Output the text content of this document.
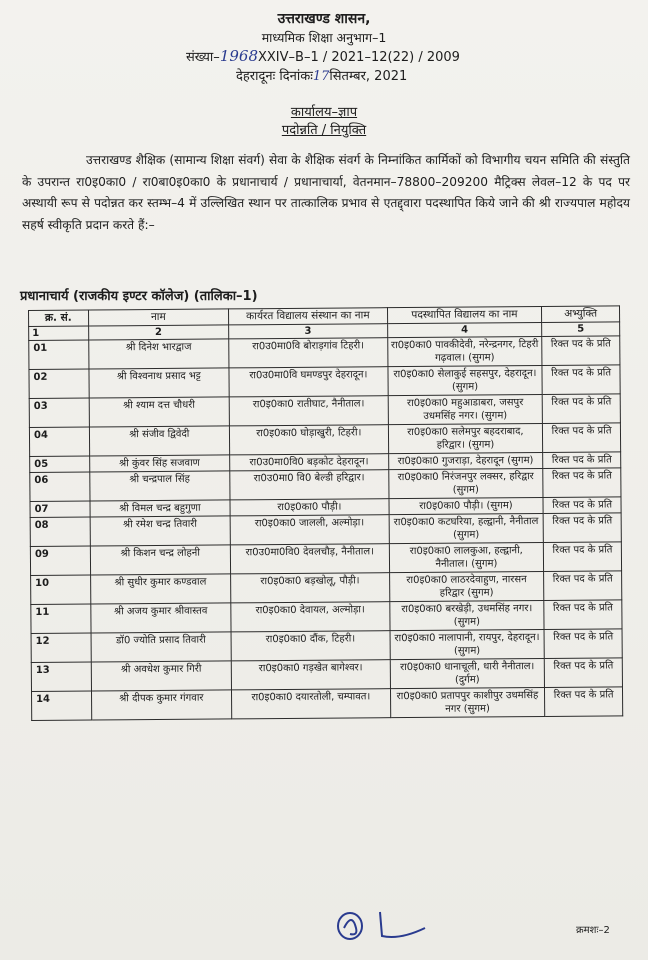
उत्तराखण्ड शासन,
माध्यमिक शिक्षा अनुभाग–1
संख्या–1968XXIV–B–1 / 2021–12(22) / 2009
देहरादूनः दिनांकः17सितम्बर, 2021
कार्यालय–ज्ञाप
पदोन्नति / नियुक्ति
उत्तराखण्ड शैक्षिक (सामान्य शिक्षा संवर्ग) सेवा के शैक्षिक संवर्ग के निम्नांकित कार्मिकों को विभागीय चयन समिति की संस्तुति के उपरान्त रा0इ0का0 / रा0बा0इ0का0 के प्रधानाचार्य / प्रधानाचार्या, वेतनमान–78800–209200 मैट्रिक्स लेवल–12 के पद पर अस्थायी रूप से पदोन्नत कर स्तम्भ–4 में उल्लिखित स्थान पर तात्कालिक प्रभाव से एतद्द्वारा पदस्थापित किये जाने की श्री राज्यपाल महोदय सहर्ष स्वीकृति प्रदान करते हैं:–
प्रधानाचार्य (राजकीय इण्टर कॉलेज) (तालिका–1)
क्र. सं.	नाम	कार्यरत विद्यालय संस्थान का नाम	पदस्थापित विद्यालय का नाम	अभ्युक्ति
1	2	3	4	5
01	श्री दिनेश भारद्वाज	रा0उ0मा0वि बोराड़गांव टिहरी।	रा0इ0का0 पावकीदेवी, नरेन्द्रनगर, टिहरी गढ़वाल। (सुगम)	रिक्त पद के प्रति
02	श्री विश्वनाथ प्रसाद भट्ट	रा0उ0मा0वि घमण्डपुर देहरादून।	रा0इ0का0 सेलाकुई सहसपुर, देहरादून। (सुगम)	रिक्त पद के प्रति
03	श्री श्याम दत्त चौधरी	रा0इ0का0 रातीघाट, नैनीताल।	रा0इ0का0 महुआडाबरा, जसपुर उधमसिंह नगर। (सुगम)	रिक्त पद के प्रति
04	श्री संजीव द्विवेदी	रा0इ0का0 घोड़ाखुरी, टिहरी।	रा0इ0का0 सलेमपुर बहदराबाद, हरिद्वार। (सुगम)	रिक्त पद के प्रति
05	श्री कुंवर सिंह सजवाण	रा0उ0मा0वि0 बड़कोट देहरादून।	रा0इ0का0 गुजराड़ा, देहरादून (सुगम)	रिक्त पद के प्रति
06	श्री चन्द्रपाल सिंह	रा0उ0मा0 वि0 बेल्डी हरिद्वार।	रा0इ0का0 निरंजनपुर लक्सर, हरिद्वार (सुगम)	रिक्त पद के प्रति
07	श्री विमल चन्द्र बहुगुणा	रा0इ0का0 पौड़ी।	रा0इ0का0 पौड़ी। (सुगम)	रिक्त पद के प्रति
08	श्री रमेश चन्द्र तिवारी	रा0इ0का0 जालली, अल्मोड़ा।	रा0इ0का0 कटघरिया, हल्द्वानी, नैनीताल (सुगम)	रिक्त पद के प्रति
09	श्री किशन चन्द्र लोहनी	रा0उ0मा0वि0 देवलचौड़, नैनीताल।	रा0इ0का0 लालकुआ, हल्द्वानी, नैनीताल। (सुगम)	रिक्त पद के प्रति
10	श्री सुधीर कुमार कण्डवाल	रा0इ0का0 बड़खोलू, पौड़ी।	रा0इ0का0 लाठरदेवाहुण, नारसन हरिद्वार (सुगम)	रिक्त पद के प्रति
11	श्री अजय कुमार श्रीवास्तव	रा0इ0का0 देवायल, अल्मोड़ा।	रा0इ0का0 बरखेड़ी, उधमसिंह नगर। (सुगम)	रिक्त पद के प्रति
12	डॉ0 ज्योति प्रसाद तिवारी	रा0इ0का0 दौंक, टिहरी।	रा0इ0का0 नालापानी, रायपुर, देहरादून। (सुगम)	रिक्त पद के प्रति
13	श्री अवधेश कुमार गिरी	रा0इ0का0 गड़खेत बागेश्वर।	रा0इ0का0 धानाचूली, धारी नैनीताल। (दुर्गम)	रिक्त पद के प्रति
14	श्री दीपक कुमार गंगवार	रा0इ0का0 दयारतोली, चम्पावत।	रा0इ0का0 प्रतापपुर काशीपुर उधमसिंह नगर (सुगम)	रिक्त पद के प्रति
क्रमशः–2
